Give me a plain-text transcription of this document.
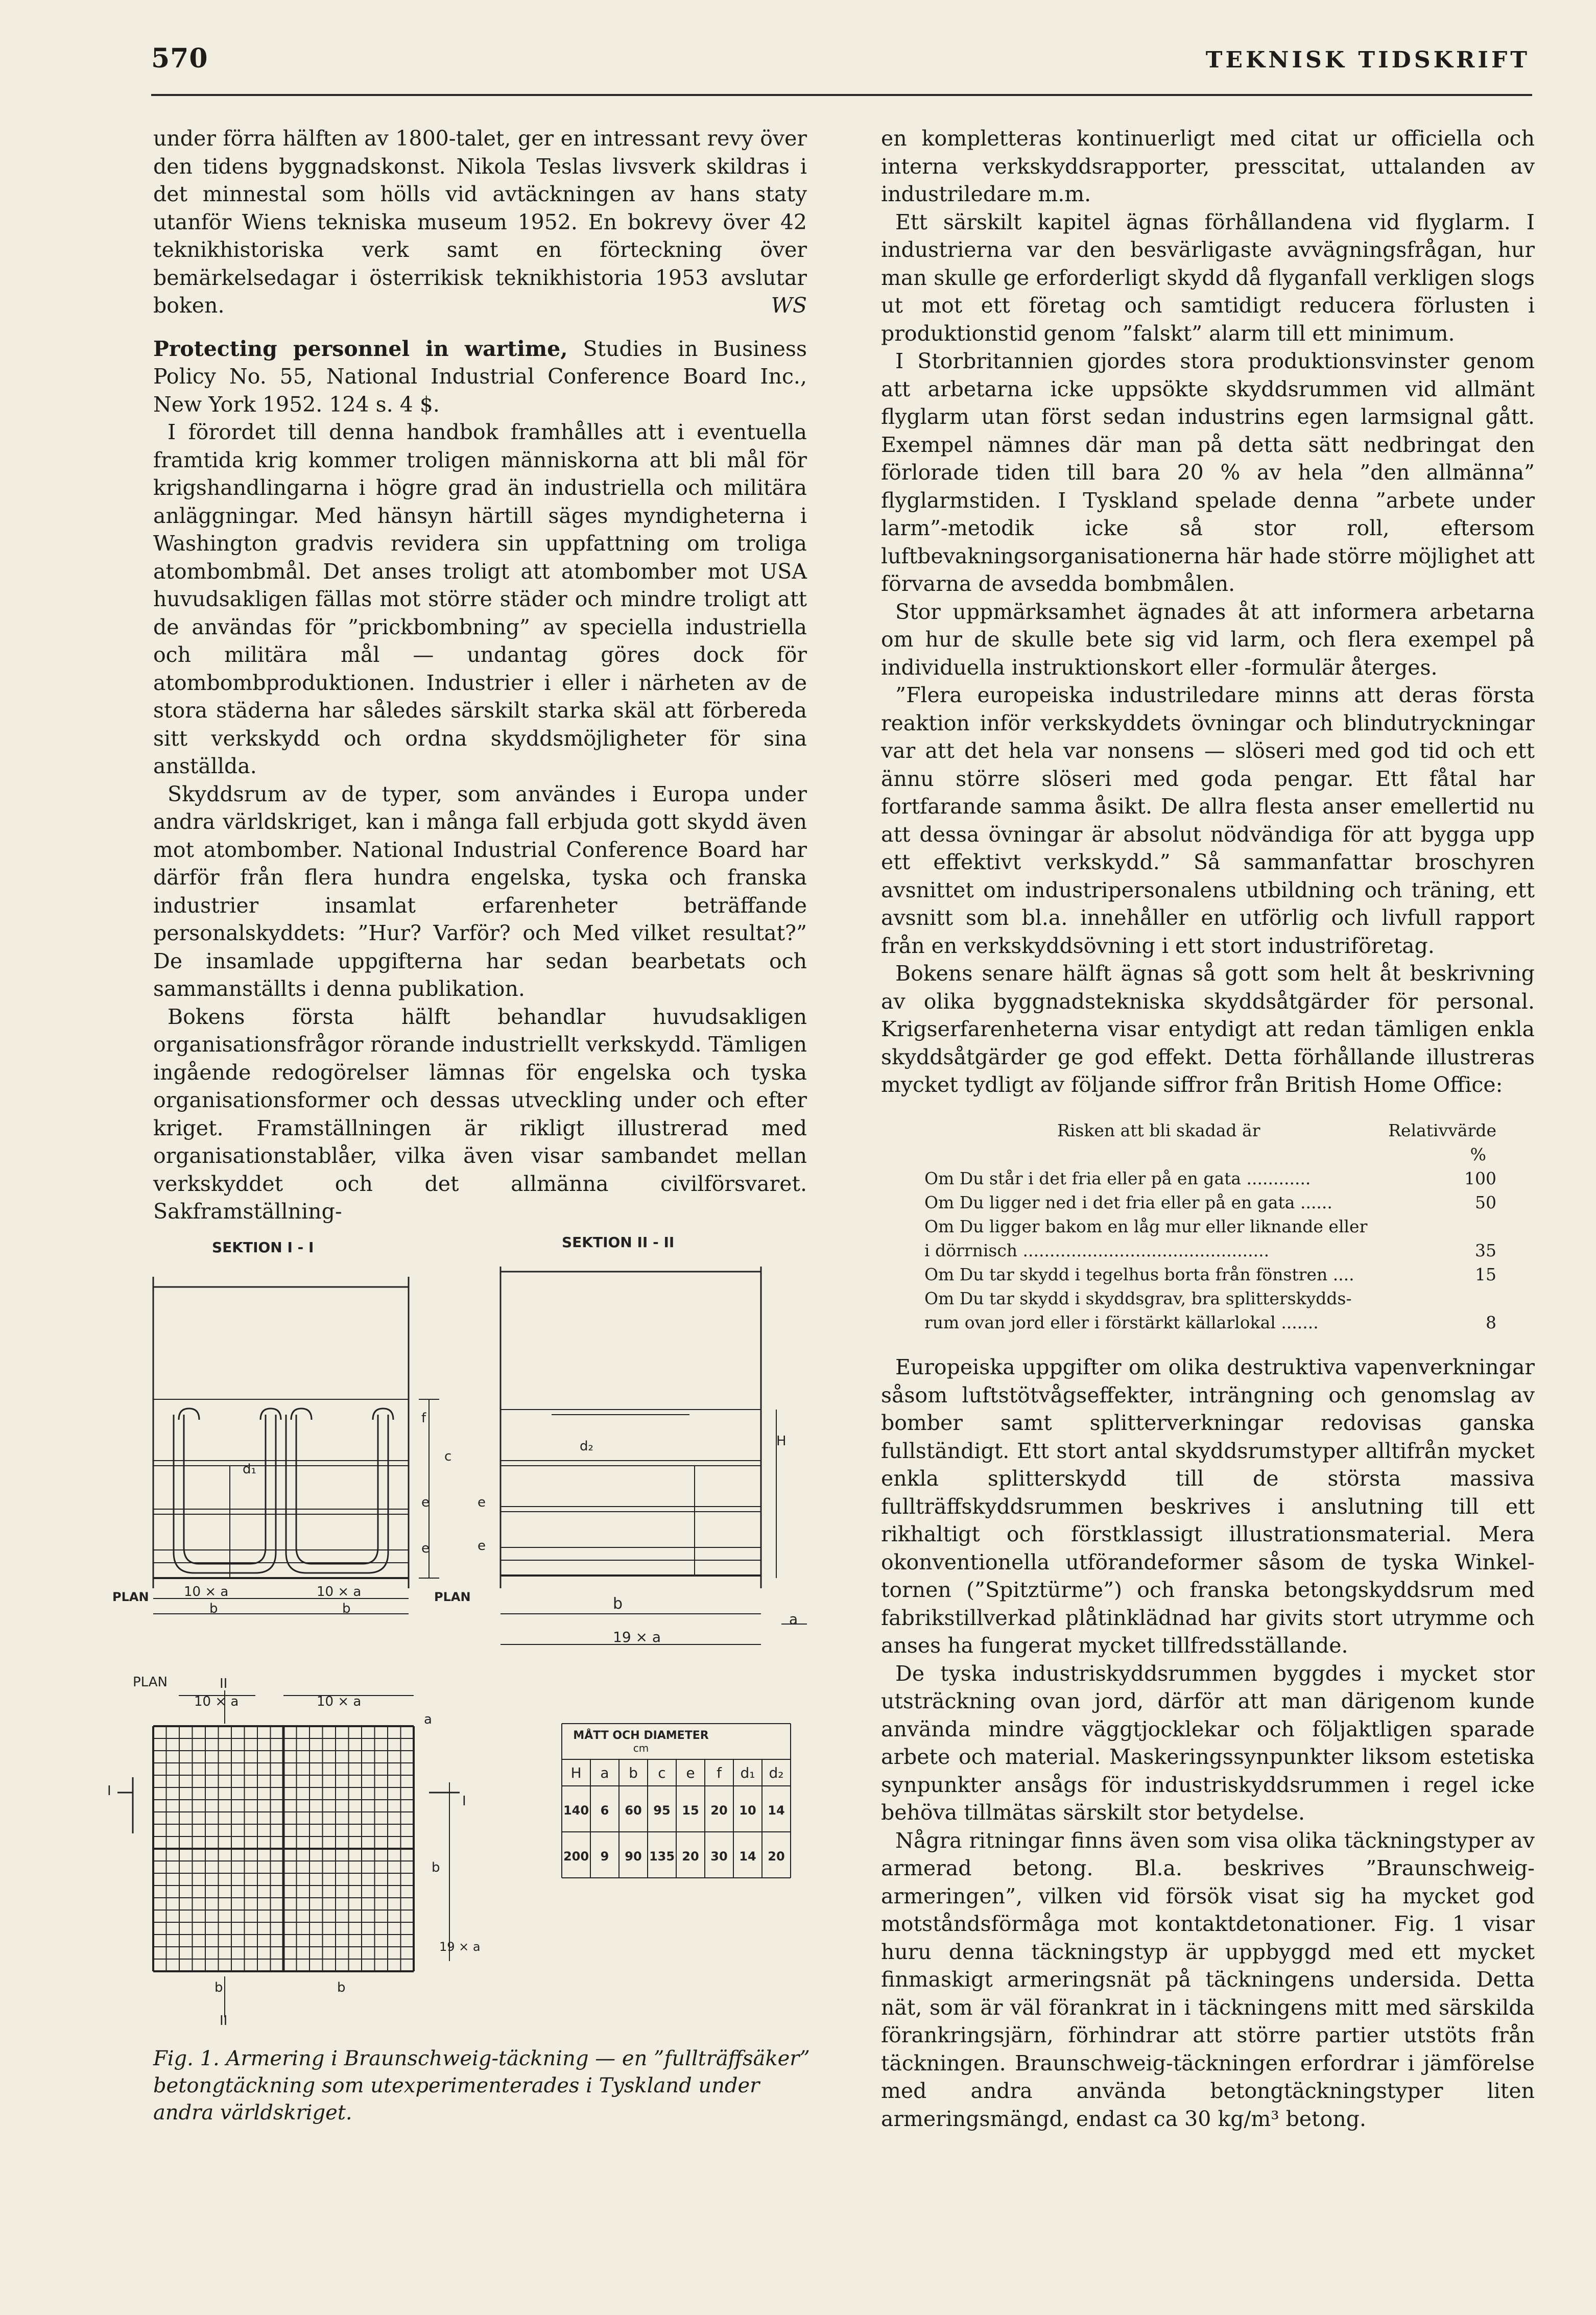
570	TEKNISK TIDSKRIFT

under förra hälften av 1800-talet, ger en intressant revy över den tidens byggnadskonst. Nikola Teslas livsverk skildras i det minnestal som hölls vid avtäckningen av hans staty utanför Wiens tekniska museum 1952. En bokrevy över 42 teknikhistoriska verk samt en förteckning över bemärkelsedagar i österrikisk teknikhistoria 1953 avslutar boken.	WS

Protecting personnel in wartime, Studies in Business Policy No. 55, National Industrial Conference Board Inc., New York 1952. 124 s. 4 $.

I förordet till denna handbok framhålles att i eventuella framtida krig kommer troligen människorna att bli mål för krigshandlingarna i högre grad än industriella och militära anläggningar. Med hänsyn härtill säges myndigheterna i Washington gradvis revidera sin uppfattning om troliga atombombmål. Det anses troligt att atombomber mot USA huvudsakligen fällas mot större städer och mindre troligt att de användas för ”prickbombning” av speciella industriella och militära mål — undantag göres dock för atombombproduktionen. Industrier i eller i närheten av de stora städerna har således särskilt starka skäl att förbereda sitt verkskydd och ordna skyddsmöjligheter för sina anställda.

Skyddsrum av de typer, som användes i Europa under andra världskriget, kan i många fall erbjuda gott skydd även mot atombomber. National Industrial Conference Board har därför från flera hundra engelska, tyska och franska industrier insamlat erfarenheter beträffande personalskyddets: ”Hur? Varför? och Med vilket resultat?” De insamlade uppgifterna har sedan bearbetats och sammanställts i denna publikation.

Bokens första hälft behandlar huvudsakligen organisationsfrågor rörande industriellt verkskydd. Tämligen ingående redogörelser lämnas för engelska och tyska organisationsformer och dessas utveckling under och efter kriget. Framställningen är rikligt illustrerad med organisationstablåer, vilka även visar sambandet mellan verkskyddet och det allmänna civilförsvaret. Sakframställning-

en kompletteras kontinuerligt med citat ur officiella och interna verkskyddsrapporter, presscitat, uttalanden av industriledare m.m.

Ett särskilt kapitel ägnas förhållandena vid flyglarm. I industrierna var den besvärligaste avvägningsfrågan, hur man skulle ge erforderligt skydd då flyganfall verkligen slogs ut mot ett företag och samtidigt reducera förlusten i produktionstid genom ”falskt” alarm till ett minimum.

I Storbritannien gjordes stora produktionsvinster genom att arbetarna icke uppsökte skyddsrummen vid allmänt flyglarm utan först sedan industrins egen larmsignal gått. Exempel nämnes där man på detta sätt nedbringat den förlorade tiden till bara 20 % av hela ”den allmänna” flyglarmstiden. I Tyskland spelade denna ”arbete under larm”-metodik icke så stor roll, eftersom luftbevakningsorganisationerna här hade större möjlighet att förvarna de avsedda bombmålen.

Stor uppmärksamhet ägnades åt att informera arbetarna om hur de skulle bete sig vid larm, och flera exempel på individuella instruktionskort eller -formulär återges.

”Flera europeiska industriledare minns att deras första reaktion inför verkskyddets övningar och blindutryckningar var att det hela var nonsens — slöseri med god tid och ett ännu större slöseri med goda pengar. Ett fåtal har fortfarande samma åsikt. De allra flesta anser emellertid nu att dessa övningar är absolut nödvändiga för att bygga upp ett effektivt verkskydd.” Så sammanfattar broschyren avsnittet om industripersonalens utbildning och träning, ett avsnitt som bl.a. innehåller en utförlig och livfull rapport från en verkskyddsövning i ett stort industriföretag.

Bokens senare hälft ägnas så gott som helt åt beskrivning av olika byggnadstekniska skyddsåtgärder för personal. Krigserfarenheterna visar entydigt att redan tämligen enkla skyddsåtgärder ge god effekt. Detta förhållande illustreras mycket tydligt av följande siffror från British Home Office:

Risken att bli skadad är	Relativvärde
%
Om Du står i det fria eller på en gata ............	100
Om Du ligger ned i det fria eller på en gata ......	50
Om Du ligger bakom en låg mur eller liknande eller
i dörrnisch ..............................................	35
Om Du tar skydd i tegelhus borta från fönstren ....	15
Om Du tar skydd i skyddsgrav, bra splitterskydds-
rum ovan jord eller i förstärkt källarlokal .......	8

Europeiska uppgifter om olika destruktiva vapenverkningar såsom luftstötvågseffekter, inträngning och genomslag av bomber samt splitterverkningar redovisas ganska fullständigt. Ett stort antal skyddsrumstyper alltifrån mycket enkla splitterskydd till de största massiva fullträffskyddsrummen beskrives i anslutning till ett rikhaltigt och förstklassigt illustrationsmaterial. Mera okonventionella utförandeformer såsom de tyska Winkel-tornen (”Spitztürme”) och franska betongskyddsrum med fabrikstillverkad plåtinklädnad har givits stort utrymme och anses ha fungerat mycket tillfredsställande.

De tyska industriskyddsrummen byggdes i mycket stor utsträckning ovan jord, därför att man därigenom kunde använda mindre väggtjocklekar och följaktligen sparade arbete och material. Maskeringssynpunkter liksom estetiska synpunkter ansågs för industriskyddsrummen i regel icke behöva tillmätas särskilt stor betydelse.

Några ritningar finns även som visa olika täckningstyper av armerad betong. Bl.a. beskrives ”Braunschweig-armeringen”, vilken vid försök visat sig ha mycket god motståndsförmåga mot kontaktdetonationer. Fig. 1 visar huru denna täckningstyp är uppbyggd med ett mycket finmaskigt armeringsnät på täckningens undersida. Detta nät, som är väl förankrat in i täckningens mitt med särskilda förankringsjärn, förhindrar att större partier utstöts från täckningen. Braunschweig-täckningen erfordrar i jämförelse med andra använda betongtäckningstyper liten armeringsmängd, endast ca 30 kg/m³ betong.

SEKTION I - I	SEKTION II - II
d₁
f
c
e
e
PLAN	10 × a	10 × a
b	b
d₂	H
e
e
PLAN	b
a
19 × a
PLAN	II
10 × a	10 × a
a
I
I
b
19 × a
b	b
II
MÅTT OCH DIAMETER
cm
H a b c e f d₁ d₂
140 6 60 95 15 20 10 14
200 9 90 135 20 30 14 20
Fig. 1. Armering i Braunschweig-täckning — en ”fullträffsäker” betongtäckning som utexperimenterades i Tyskland under andra världskriget.
